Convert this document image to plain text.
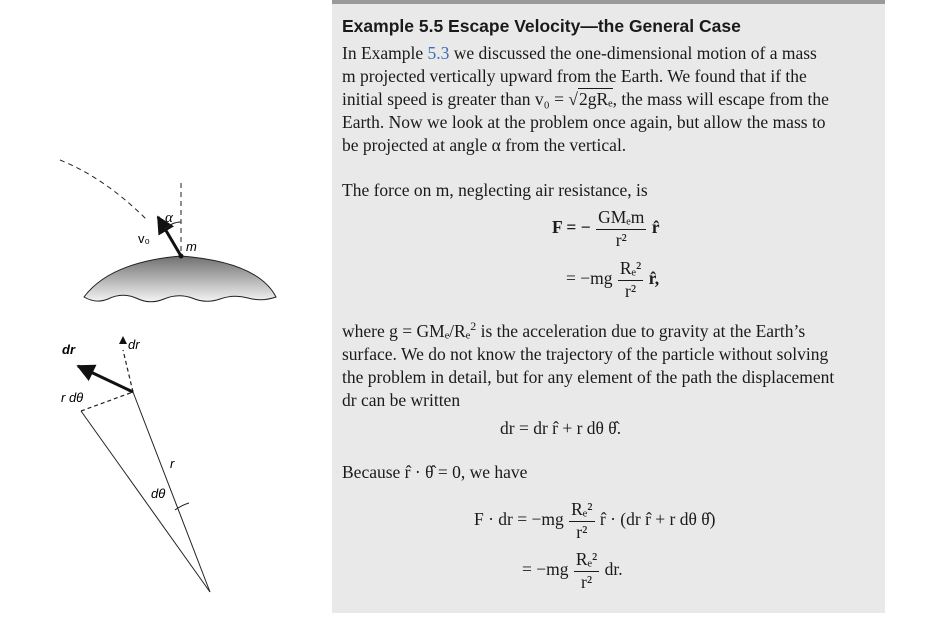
v₀
m
α
dr	dr
r dθ
r
dθ
Example 5.5 Escape Velocity—the General Case
In Example 5.3 we discussed the one-dimensional motion of a mass
m projected vertically upward from the Earth. We found that if the
initial speed is greater than v₀ = √2gRₑ, the mass will escape from the
Earth. Now we look at the problem once again, but allow the mass to
be projected at angle α from the vertical.
The force on m, neglecting air resistance, is
F = − $\frac{\text{GMₑm}}{\text{r²}}$ r̂
= $-mg \frac{\text{Rₑ²}}{\text{r²}}$ r̂,
where g = GMₑ/Rₑ$^2$ is the acceleration due to gravity at the Earth’s
surface. We do not know the trajectory of the particle without solving
the problem in detail, but for any element of the path the displacement
dr can be written
dr = dr r̂ + r dθ θ̂.
Because r̂ · θ̂ = 0, we have
F · dr = $-mg \frac{\text{Rₑ²}}{\text{r²}}$ r̂ · (dr r̂ + r dθ θ̂)
= $-mg \frac{\text{Rₑ²}}{\text{r²}}$ dr.
